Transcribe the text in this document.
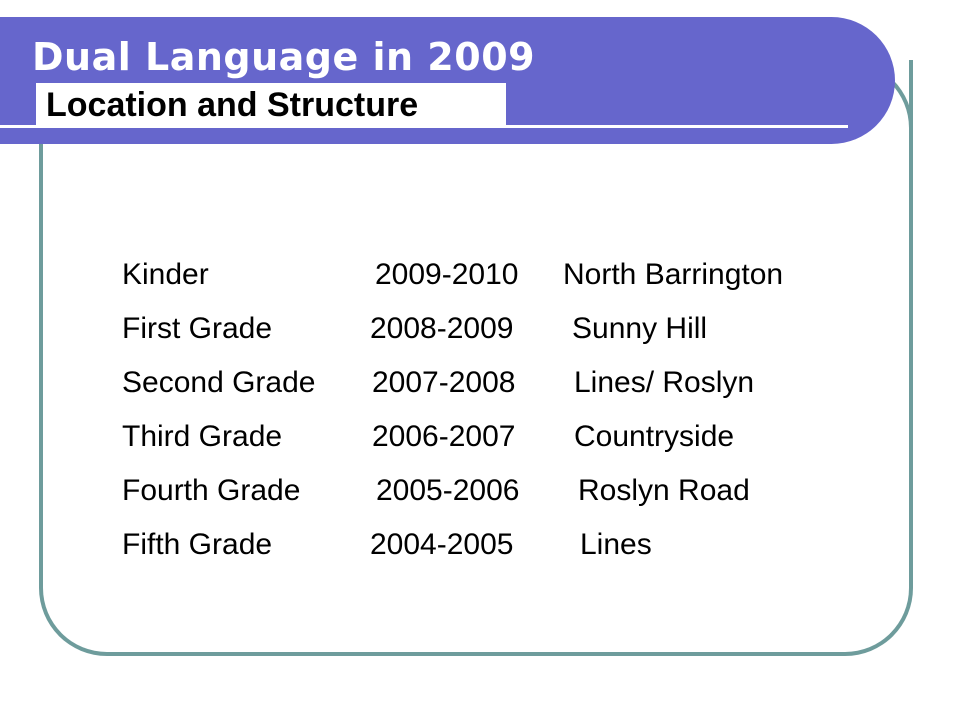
Dual Language in 2009
Location and Structure
Kinder	2009-2010 North Barrington
First Grade	2008-2009 Sunny Hill
Second Grade 2007-2008 Lines/ Roslyn
Third Grade	2006-2007 Countryside
Fourth Grade	2005-2006 Roslyn Road
Fifth Grade	2004-2005 Lines
